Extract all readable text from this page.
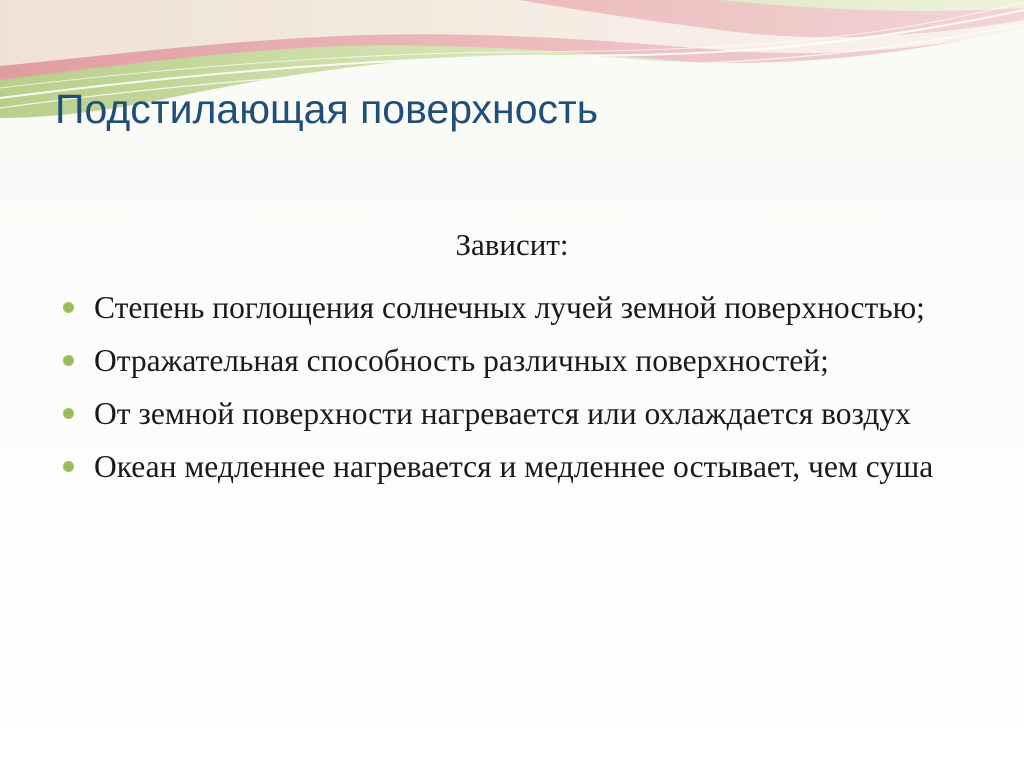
Подстилающая поверхность

Зависит:

Степень поглощения солнечных лучей земной поверхностью;
Отражательная способность различных поверхностей;
От земной поверхности нагревается или охлаждается воздух
Океан медленнее нагревается и медленнее остывает, чем суша
